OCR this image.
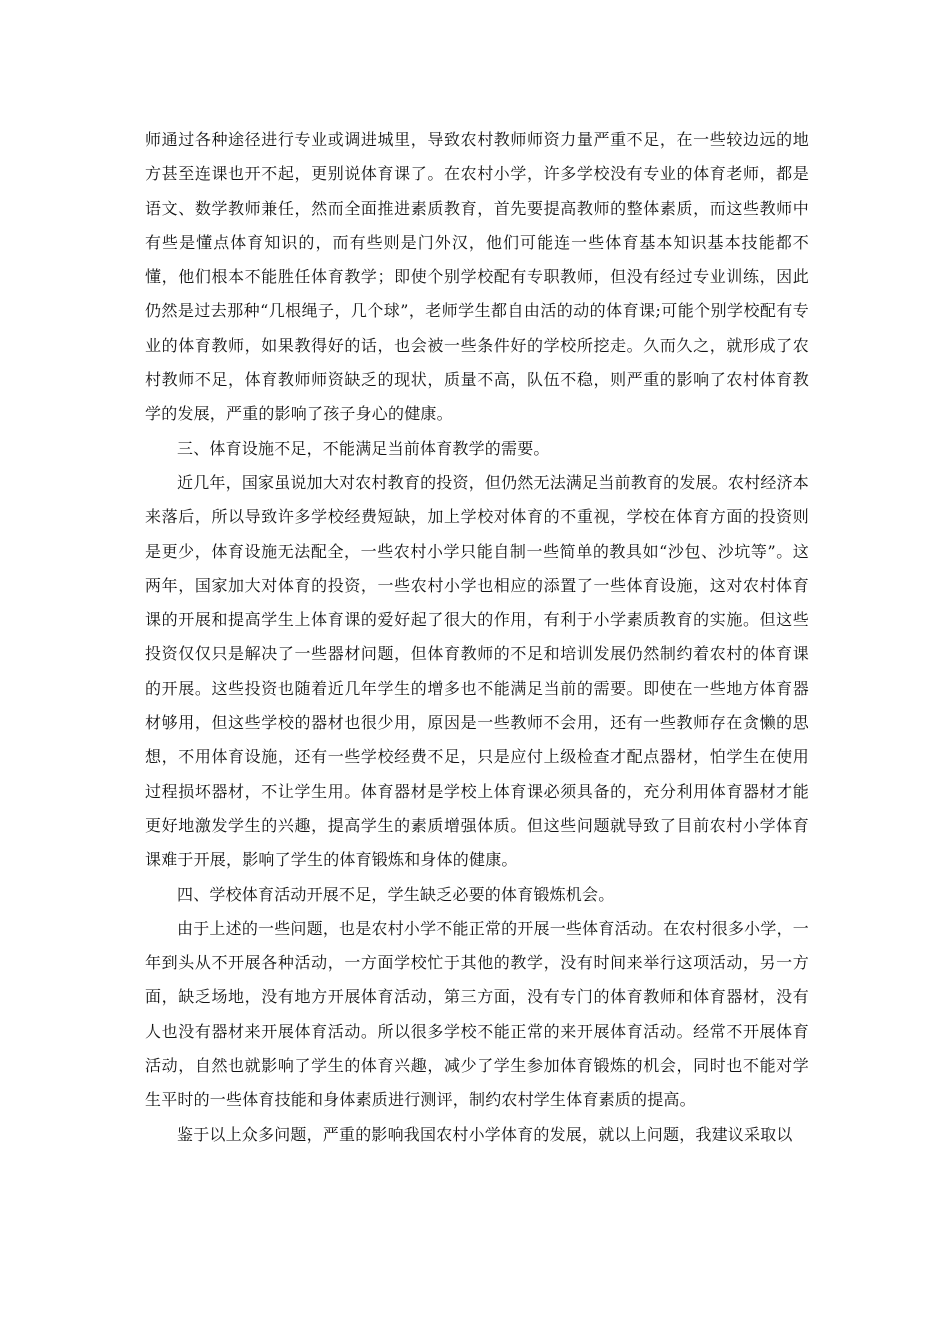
师通过各种途径进行专业或调进城里，导致农村教师师资力量严重不足，在一些较边远的地方甚至连课也开不起，更别说体育课了。在农村小学，许多学校没有专业的体育老师，都是语文、数学教师兼任，然而全面推进素质教育，首先要提高教师的整体素质，而这些教师中有些是懂点体育知识的，而有些则是门外汉，他们可能连一些体育基本知识基本技能都不懂，他们根本不能胜任体育教学；即使个别学校配有专职教师，但没有经过专业训练，因此仍然是过去那种“几根绳子，几个球”，老师学生都自由活的动的体育课;可能个别学校配有专业的体育教师，如果教得好的话，也会被一些条件好的学校所挖走。久而久之，就形成了农村教师不足，体育教师师资缺乏的现状，质量不高，队伍不稳，则严重的影响了农村体育教学的发展，严重的影响了孩子身心的健康。

三、体育设施不足，不能满足当前体育教学的需要。

近几年，国家虽说加大对农村教育的投资，但仍然无法满足当前教育的发展。农村经济本来落后，所以导致许多学校经费短缺，加上学校对体育的不重视，学校在体育方面的投资则是更少，体育设施无法配全，一些农村小学只能自制一些简单的教具如“沙包、沙坑等”。这两年，国家加大对体育的投资，一些农村小学也相应的添置了一些体育设施，这对农村体育课的开展和提高学生上体育课的爱好起了很大的作用，有利于小学素质教育的实施。但这些投资仅仅只是解决了一些器材问题，但体育教师的不足和培训发展仍然制约着农村的体育课的开展。这些投资也随着近几年学生的增多也不能满足当前的需要。即使在一些地方体育器材够用，但这些学校的器材也很少用，原因是一些教师不会用，还有一些教师存在贪懒的思想，不用体育设施，还有一些学校经费不足，只是应付上级检查才配点器材，怕学生在使用过程损坏器材，不让学生用。体育器材是学校上体育课必须具备的，充分利用体育器材才能更好地激发学生的兴趣，提高学生的素质增强体质。但这些问题就导致了目前农村小学体育课难于开展，影响了学生的体育锻炼和身体的健康。

四、学校体育活动开展不足，学生缺乏必要的体育锻炼机会。

由于上述的一些问题，也是农村小学不能正常的开展一些体育活动。在农村很多小学，一年到头从不开展各种活动，一方面学校忙于其他的教学，没有时间来举行这项活动，另一方面，缺乏场地，没有地方开展体育活动，第三方面，没有专门的体育教师和体育器材，没有人也没有器材来开展体育活动。所以很多学校不能正常的来开展体育活动。经常不开展体育活动，自然也就影响了学生的体育兴趣，减少了学生参加体育锻炼的机会，同时也不能对学生平时的一些体育技能和身体素质进行测评，制约农村学生体育素质的提高。

鉴于以上众多问题，严重的影响我国农村小学体育的发展，就以上问题，我建议采取以
